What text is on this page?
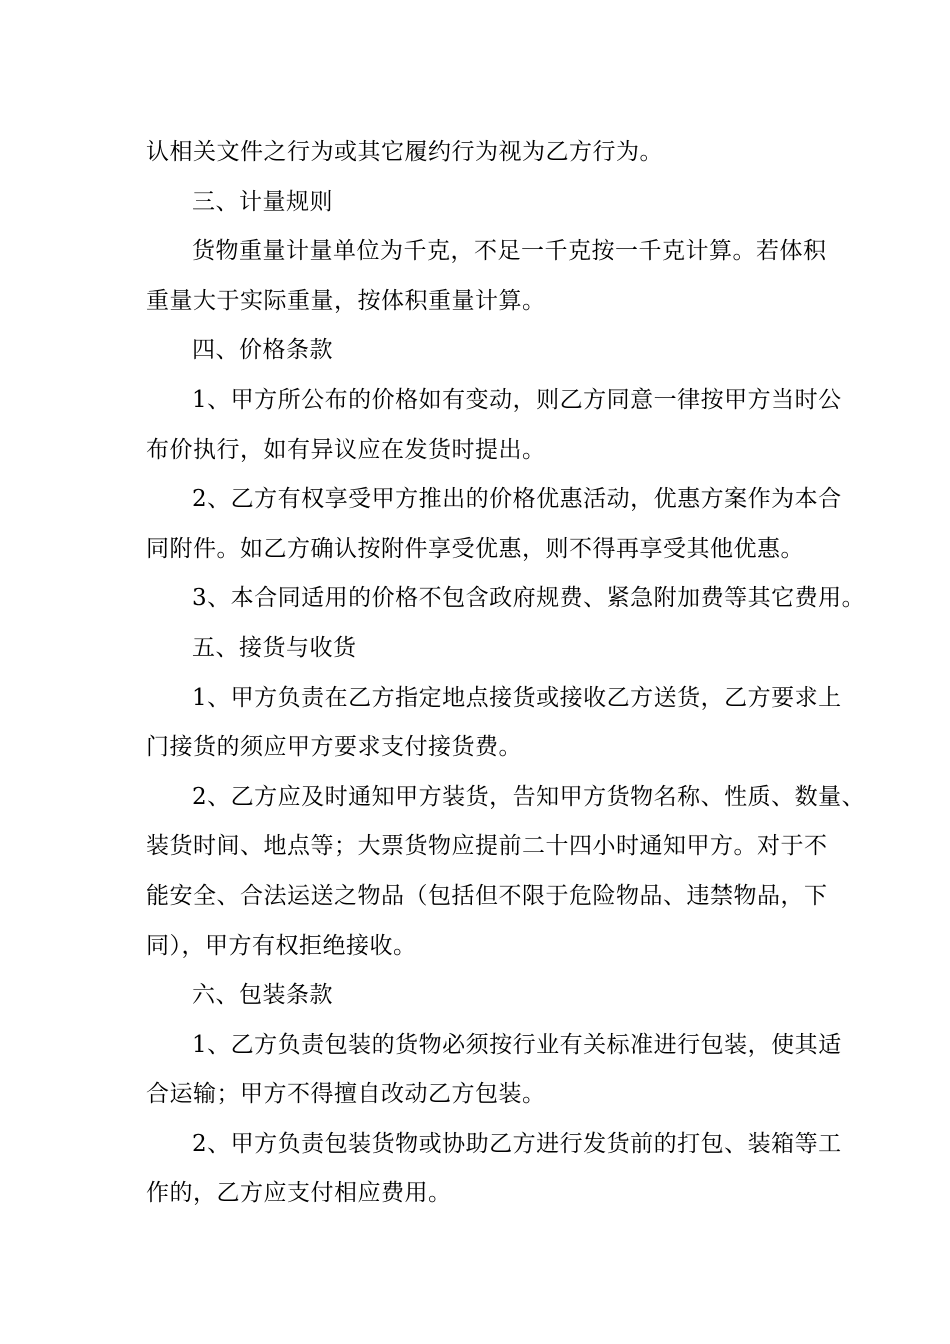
认相关文件之行为或其它履约行为视为乙方行为。
三、计量规则
货物重量计量单位为千克，不足一千克按一千克计算。若体积
重量大于实际重量，按体积重量计算。
四、价格条款
1、甲方所公布的价格如有变动，则乙方同意一律按甲方当时公
布价执行，如有异议应在发货时提出。
2、乙方有权享受甲方推出的价格优惠活动，优惠方案作为本合
同附件。如乙方确认按附件享受优惠，则不得再享受其他优惠。
3、本合同适用的价格不包含政府规费、紧急附加费等其它费用。
五、接货与收货
1、甲方负责在乙方指定地点接货或接收乙方送货，乙方要求上
门接货的须应甲方要求支付接货费。
2、乙方应及时通知甲方装货，告知甲方货物名称、性质、数量、
装货时间、地点等；大票货物应提前二十四小时通知甲方。对于不
能安全、合法运送之物品（包括但不限于危险物品、违禁物品，下
同），甲方有权拒绝接收。
六、包装条款
1、乙方负责包装的货物必须按行业有关标准进行包装，使其适
合运输；甲方不得擅自改动乙方包装。
2、甲方负责包装货物或协助乙方进行发货前的打包、装箱等工
作的，乙方应支付相应费用。
